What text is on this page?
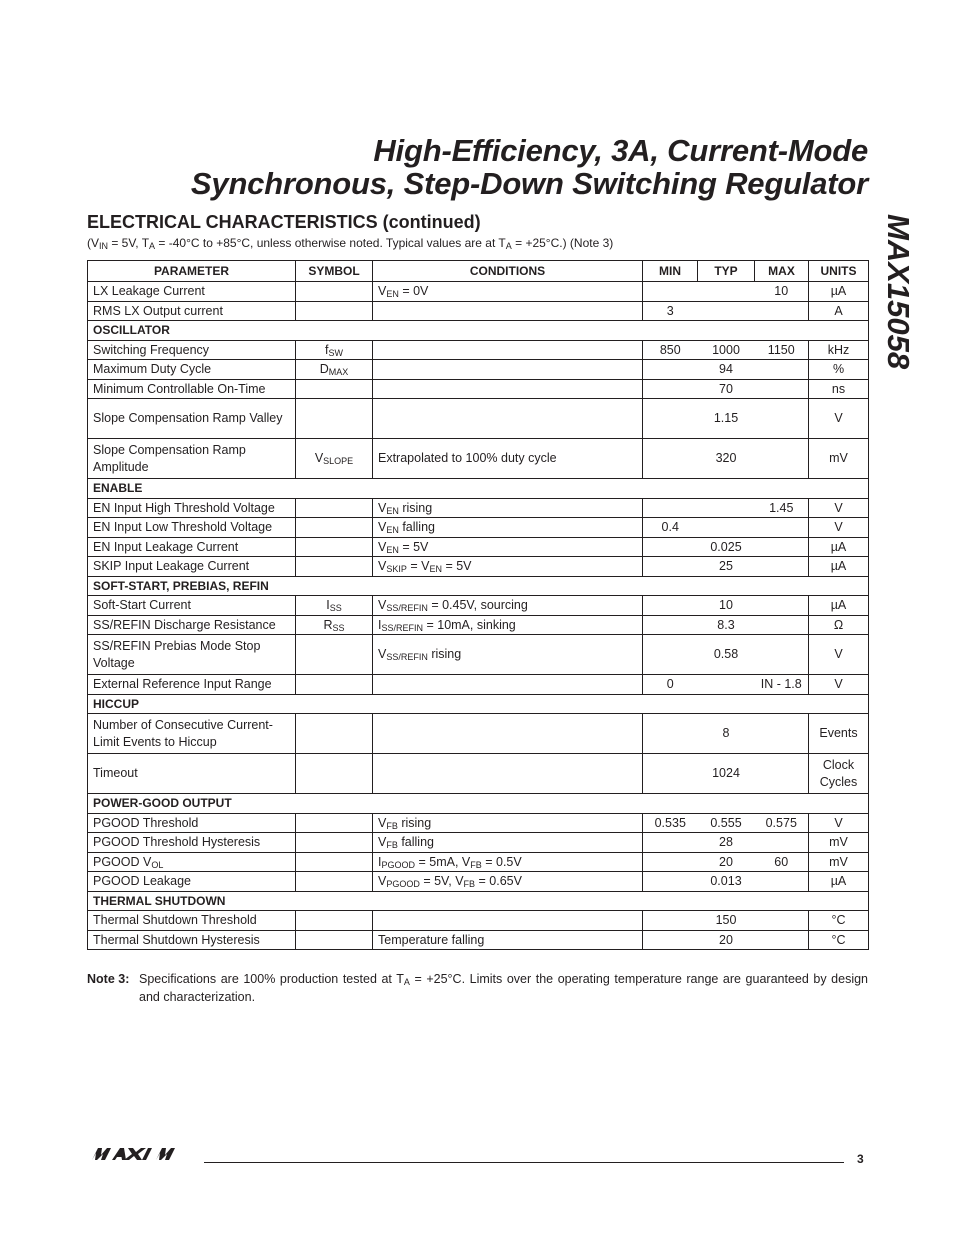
High-Efficiency, 3A, Current-Mode
Synchronous, Step-Down Switching Regulator
MAX15058
ELECTRICAL CHARACTERISTICS (continued)
($V_{IN} = 5V$, $T_A = -40^\circ C$ to +85°C, unless otherwise noted. Typical values are at $T_A = +25^\circ C$.) (Note 3)
PARAMETER	SYMBOL	CONDITIONS	MIN	TYP	MAX	UNITS
LX Leakage Current		$V_{EN} = 0V$			10	µA
RMS LX Output current			3			A
OSCILLATOR						
Switching Frequency	$f_{SW}$		850	1000	1150	kHz
Maximum Duty Cycle	$D_{MAX}$			94		%
Minimum Controllable On-Time				70		ns
Slope Compensation Ramp Valley				1.15		V
Slope Compensation Ramp Amplitude	$V_{SLOPE}$	Extrapolated to 100% duty cycle		320		mV
ENABLE						
EN Input High Threshold Voltage		$V_{EN}$ rising			1.45	V
EN Input Low Threshold Voltage		$V_{EN}$ falling	0.4			V
EN Input Leakage Current		$V_{EN} = 5V$		0.025		µA
SKIP Input Leakage Current		$V_{SKIP} = V_{EN} = 5V$		25		µA
SOFT-START, PREBIAS, REFIN						
Soft-Start Current	$I_{SS}$	$V_{SS/REFIN} = 0.45V$, sourcing		10		µA
SS/REFIN Discharge Resistance	$R_{SS}$	$I_{SS/REFIN} = 10mA$, sinking		8.3		Ω
SS/REFIN Prebias Mode Stop Voltage		$V_{SS/REFIN}$ rising		0.58		V
External Reference Input Range			0		IN - 1.8	V
HICCUP						
Number of Consecutive Current-Limit Events to Hiccup				8		Events
Timeout				1024		Clock Cycles
POWER-GOOD OUTPUT						
PGOOD Threshold		$V_{FB}$ rising	0.535	0.555	0.575	V
PGOOD Threshold Hysteresis		$V_{FB}$ falling		28		mV
PGOOD $V_{OL}$		$I_{PGOOD} = 5mA$, $V_{FB} = 0.5V$		20	60	mV
PGOOD Leakage		$V_{PGOOD} = 5V$, $V_{FB} = 0.65V$		0.013		µA
THERMAL SHUTDOWN						
Thermal Shutdown Threshold				150		°C
Thermal Shutdown Hysteresis		Temperature falling		20		°C
Note 3: Specifications are 100% production tested at $T_A = +25^\circ C$. Limits over the operating temperature range are guaranteed by design and characterization.
3
